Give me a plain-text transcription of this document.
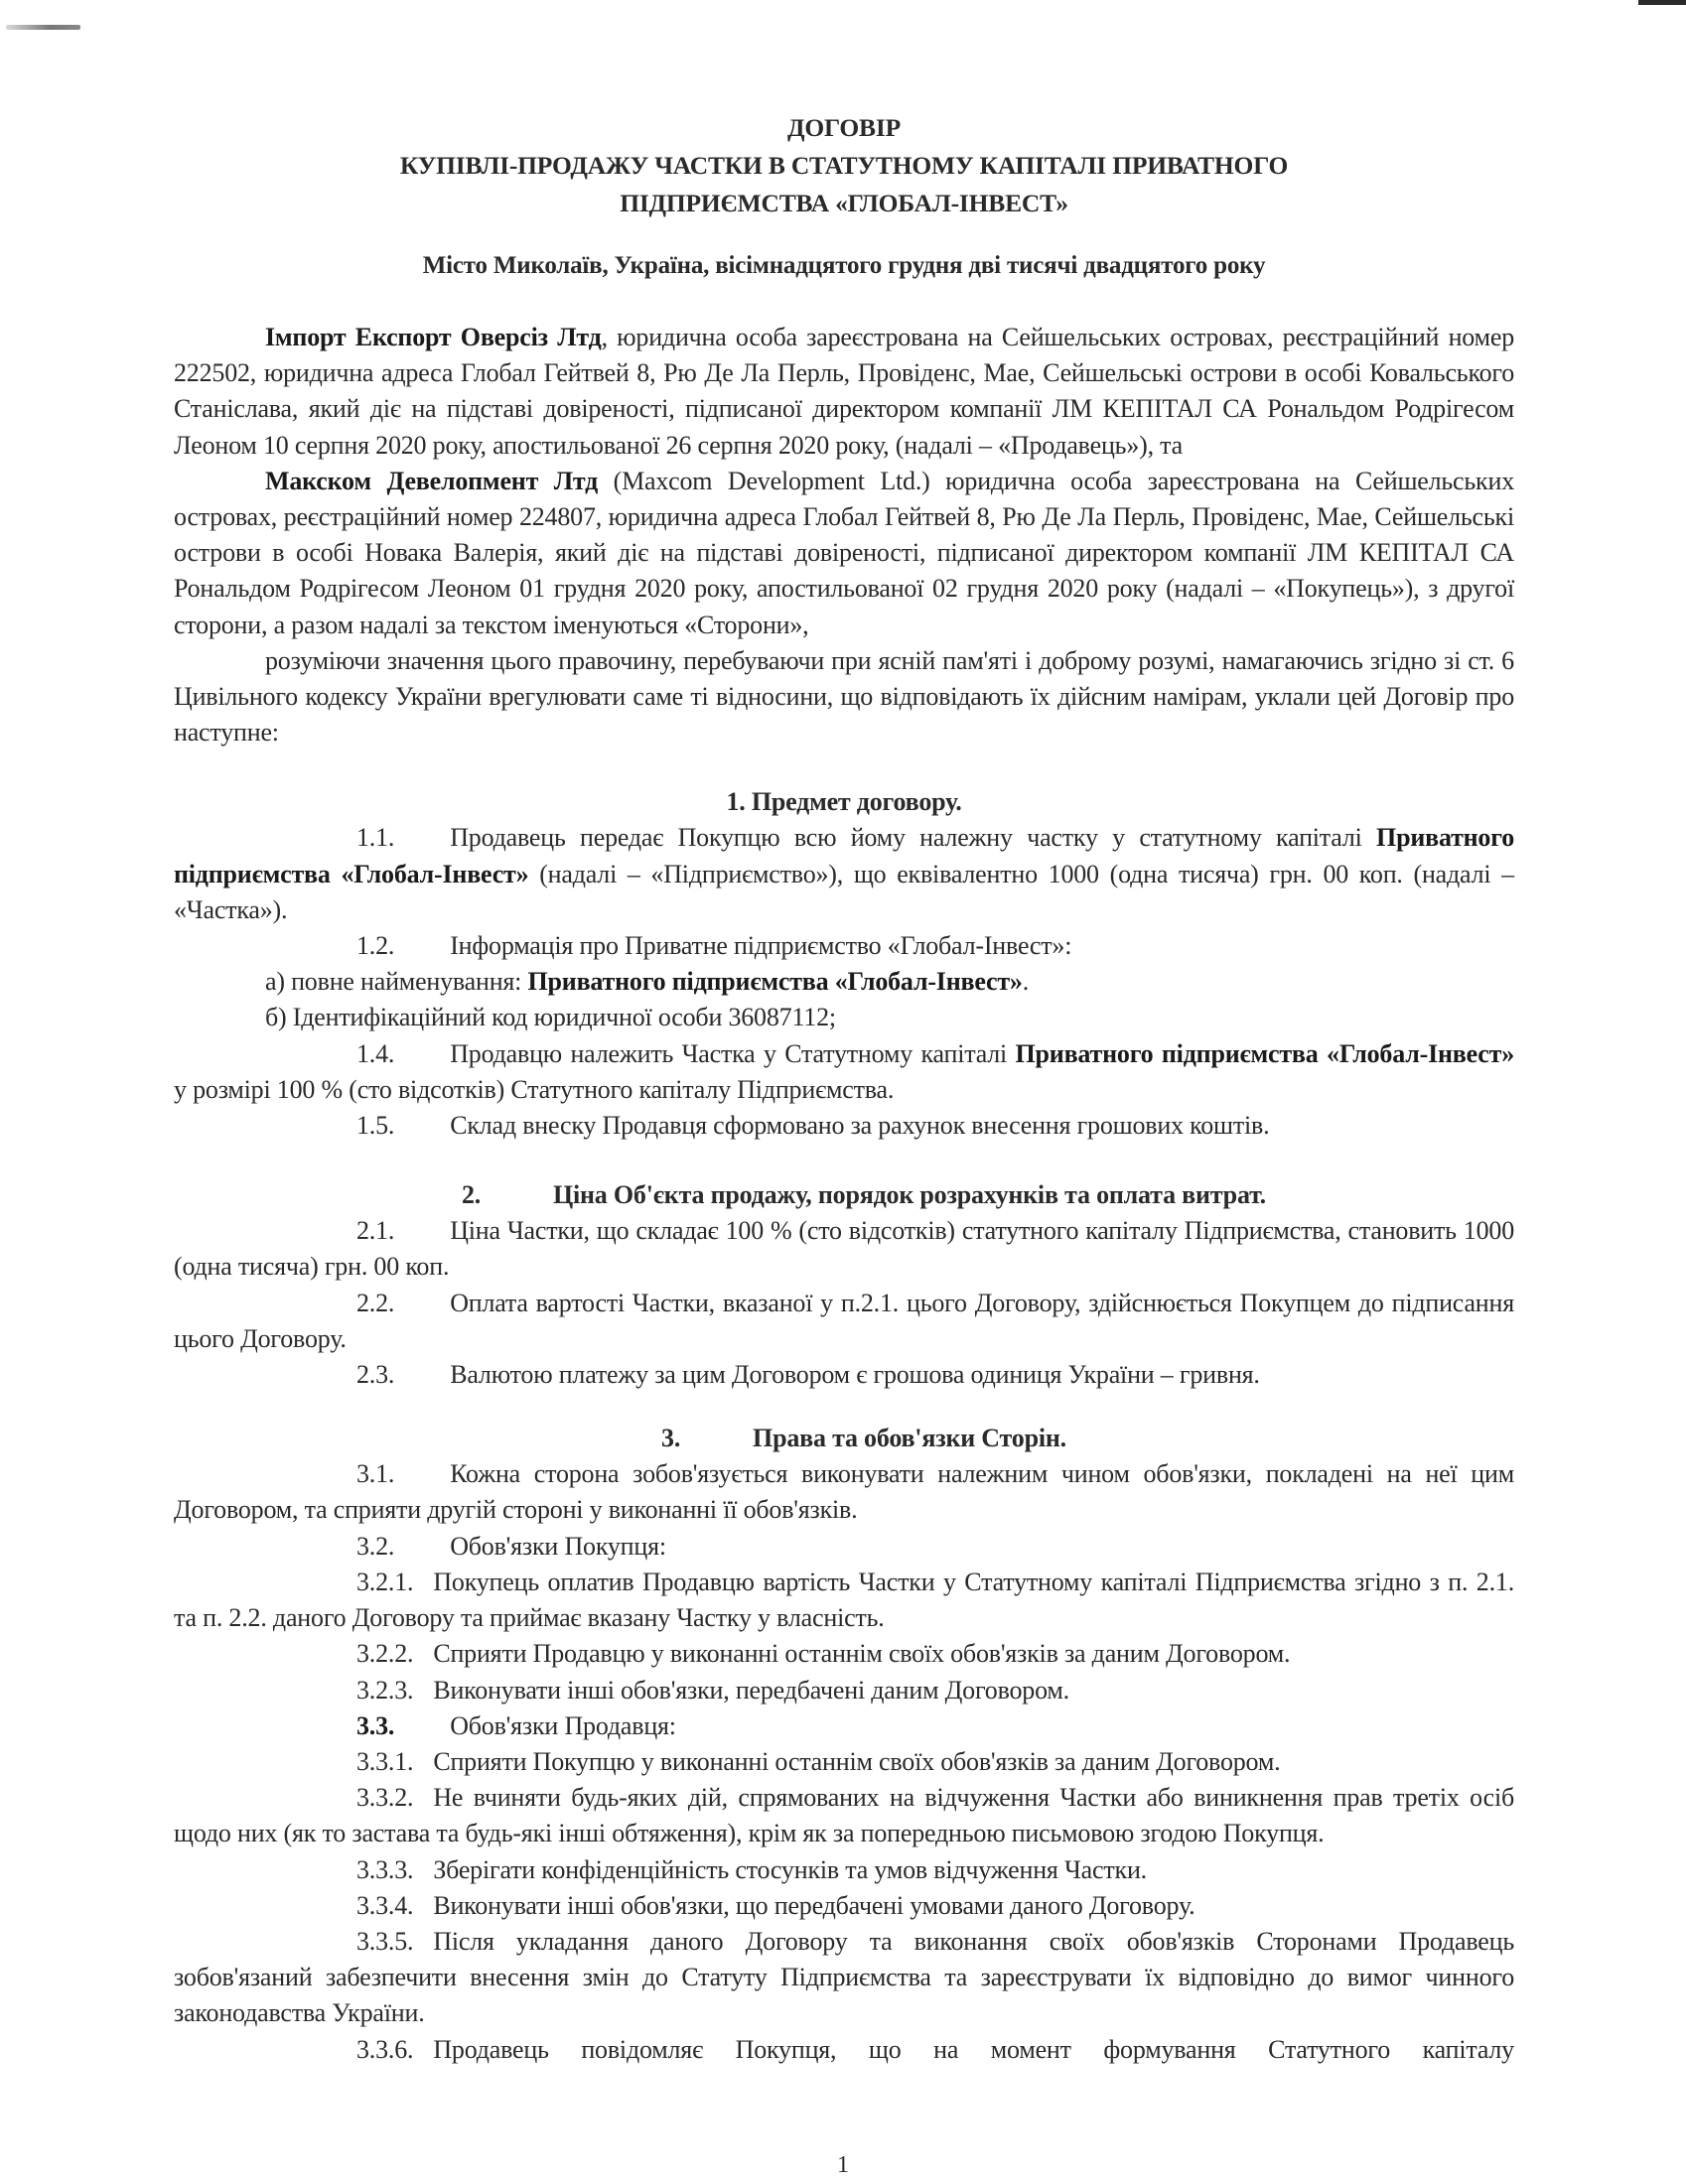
ДОГОВІР
КУПІВЛІ-ПРОДАЖУ ЧАСТКИ В СТАТУТНОМУ КАПІТАЛІ ПРИВАТНОГО
ПІДПРИЄМСТВА «ГЛОБАЛ-ІНВЕСТ»
Місто Миколаїв, Україна, вісімнадцятого грудня дві тисячі двадцятого року

Імпорт Експорт Оверсіз Лтд, юридична особа зареєстрована на Сейшельських островах, реєстраційний номер 222502, юридична адреса Глобал Гейтвей 8, Рю Де Ла Перль, Провіденс, Мае, Сейшельські острови в особі Ковальського Станіслава, який діє на підставі довіреності, підписаної директором компанії ЛМ КЕПІТАЛ СА Рональдом Родрігесом Леоном 10 серпня 2020 року, апостильованої 26 серпня 2020 року, (надалі – «Продавець»), та

Макском Девелопмент Лтд (Maxcom Development Ltd.) юридична особа зареєстрована на Сейшельських островах, реєстраційний номер 224807, юридична адреса Глобал Гейтвей 8, Рю Де Ла Перль, Провіденс, Мае, Сейшельські острови в особі Новака Валерія, який діє на підставі довіреності, підписаної директором компанії ЛМ КЕПІТАЛ СА Рональдом Родрігесом Леоном 01 грудня 2020 року, апостильованої 02 грудня 2020 року (надалі – «Покупець»), з другої сторони, а разом надалі за текстом іменуються «Сторони»,

розуміючи значення цього правочину, перебуваючи при ясній пам'яті і доброму розумі, намагаючись згідно зі ст. 6 Цивільного кодексу України врегулювати саме ті відносини, що відповідають їх дійсним намірам, уклали цей Договір про наступне:

1. Предмет договору.

1.1. Продавець передає Покупцю всю йому належну частку у статутному капіталі Приватного підприємства «Глобал-Інвест» (надалі – «Підприємство»), що еквівалентно 1000 (одна тисяча) грн. 00 коп. (надалі – «Частка»).

1.2. Інформація про Приватне підприємство «Глобал-Інвест»:

а) повне найменування: Приватного підприємства «Глобал-Інвест».

б) Ідентифікаційний код юридичної особи 36087112;

1.4. Продавцю належить Частка у Статутному капіталі Приватного підприємства «Глобал-Інвест» у розмірі 100 % (сто відсотків) Статутного капіталу Підприємства.

1.5. Склад внеску Продавця сформовано за рахунок внесення грошових коштів.

2.	Ціна Об'єкта продажу, порядок розрахунків та оплата витрат.

2.1. Ціна Частки, що складає 100 % (сто відсотків) статутного капіталу Підприємства, становить 1000 (одна тисяча) грн. 00 коп.

2.2. Оплата вартості Частки, вказаної у п.2.1. цього Договору, здійснюється Покупцем до підписання цього Договору.

2.3. Валютою платежу за цим Договором є грошова одиниця України – гривня.

3.	Права та обов'язки Сторін.

3.1. Кожна сторона зобов'язується виконувати належним чином обов'язки, покладені на неї цим Договором, та сприяти другій стороні у виконанні її обов'язків.

3.2. Обов'язки Покупця:

3.2.1. Покупець оплатив Продавцю вартість Частки у Статутному капіталі Підприємства згідно з п. 2.1. та п. 2.2. даного Договору та приймає вказану Частку у власність.

3.2.2. Сприяти Продавцю у виконанні останнім своїх обов'язків за даним Договором.

3.2.3. Виконувати інші обов'язки, передбачені даним Договором.

3.3. Обов'язки Продавця:

3.3.1. Сприяти Покупцю у виконанні останнім своїх обов'язків за даним Договором.

3.3.2. Не вчиняти будь-яких дій, спрямованих на відчуження Частки або виникнення прав третіх осіб щодо них (як то застава та будь-які інші обтяження), крім як за попередньою письмовою згодою Покупця.

3.3.3. Зберігати конфіденційність стосунків та умов відчуження Частки.

3.3.4. Виконувати інші обов'язки, що передбачені умовами даного Договору.

3.3.5. Після укладання даного Договору та виконання своїх обов'язків Сторонами Продавець зобов'язаний забезпечити внесення змін до Статуту Підприємства та зареєструвати їх відповідно до вимог чинного законодавства України.

3.3.6. Продавець повідомляє Покупця, що на момент формування Статутного капіталу

1
